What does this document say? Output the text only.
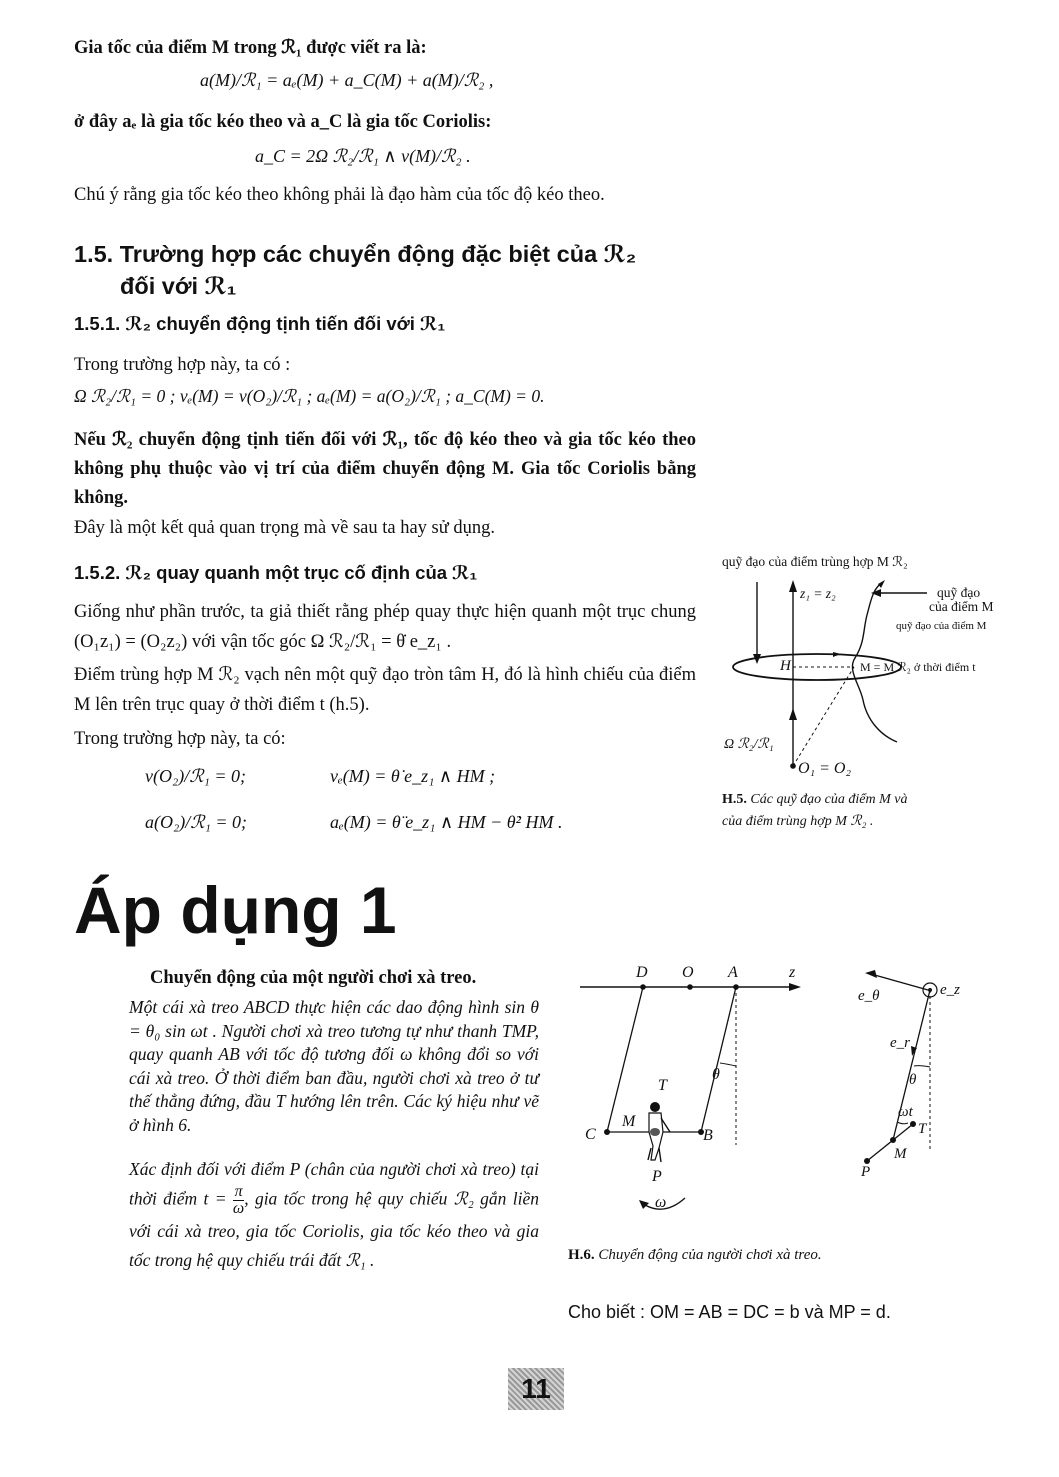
Gia tốc của điểm M trong ℛ₁ được viết ra là:
a(M)/ℛ₁ = aₑ(M) + a_C(M) + a(M)/ℛ₂ ,
ở đây aₑ là gia tốc kéo theo và a_C là gia tốc Coriolis:
a_C = 2Ω ℛ₂/ℛ₁ ∧ v(M)/ℛ₂ .
Chú ý rằng gia tốc kéo theo không phải là đạo hàm của tốc độ kéo theo.
1.5. Trường hợp các chuyển động đặc biệt của ℛ₂
đối với ℛ₁
1.5.1. ℛ₂ chuyển động tịnh tiến đối với ℛ₁
Trong trường hợp này, ta có :
Ω ℛ₂/ℛ₁ = 0 ; vₑ(M) = v(O₂)/ℛ₁ ; aₑ(M) = a(O₂)/ℛ₁ ; a_C(M) = 0.
Nếu ℛ₂ chuyển động tịnh tiến đối với ℛ₁, tốc độ kéo theo và gia tốc kéo theo không phụ thuộc vào vị trí của điểm chuyển động M. Gia tốc Coriolis bằng không.
Đây là một kết quả quan trọng mà về sau ta hay sử dụng.
1.5.2. ℛ₂ quay quanh một trục cố định của ℛ₁
Giống như phần trước, ta giả thiết rằng phép quay thực hiện quanh một trục chung (O₁z₁) = (O₂z₂) với vận tốc góc Ω ℛ₂/ℛ₁ = θ̇ e_z₁ .
Điểm trùng hợp M ℛ₂ vạch nên một quỹ đạo tròn tâm H, đó là hình chiếu của điểm M lên trên trục quay ở thời điểm t (h.5).
Trong trường hợp này, ta có:
v(O₂)/ℛ₁ = 0;	vₑ(M) = θ̇ e_z₁ ∧ HM ;
a(O₂)/ℛ₁ = 0;	aₑ(M) = θ̈ e_z₁ ∧ HM − θ̇² HM .
quỹ đạo của điểm trùng hợp M ℛ₂
z₁ = z₂	quỹ đạo
của điểm M
quỹ đạo của điểm M
H	M = M ℛ₂ ở thời điểm t
Ω ℛ₂/ℛ₁
O₁ = O₂
H.5. Các quỹ đạo của điểm M và
của điểm trùng hợp M ℛ₂ .
Áp dụng 1
Chuyển động của một người chơi xà treo.
Một cái xà treo ABCD thực hiện các dao động hình sin θ = θ₀ sin ωt . Người chơi xà treo tương tự như thanh TMP, quay quanh AB với tốc độ tương đối ω không đổi so với cái xà treo. Ở thời điểm ban đầu, người chơi xà treo ở tư thế thẳng đứng, đầu T hướng lên trên. Các ký hiệu như vẽ ở hình 6.
Xác định đối với điểm P (chân của người chơi xà treo) tại thời điểm $t = \frac{\pi}{\omega}$ , gia tốc trong hệ quy chiếu ℛ₂ gắn liền với cái xà treo, gia tốc Coriolis, gia tốc kéo theo và gia tốc trong hệ quy chiếu trái đất ℛ₁ .
D O A	z
θ
T
M
C	B
P
ω
e_θ	e_z
e_r
θ
ωt
T
M
P
H.6. Chuyển động của người chơi xà treo.
Cho biết : OM = AB = DC = b và MP = d.
11
